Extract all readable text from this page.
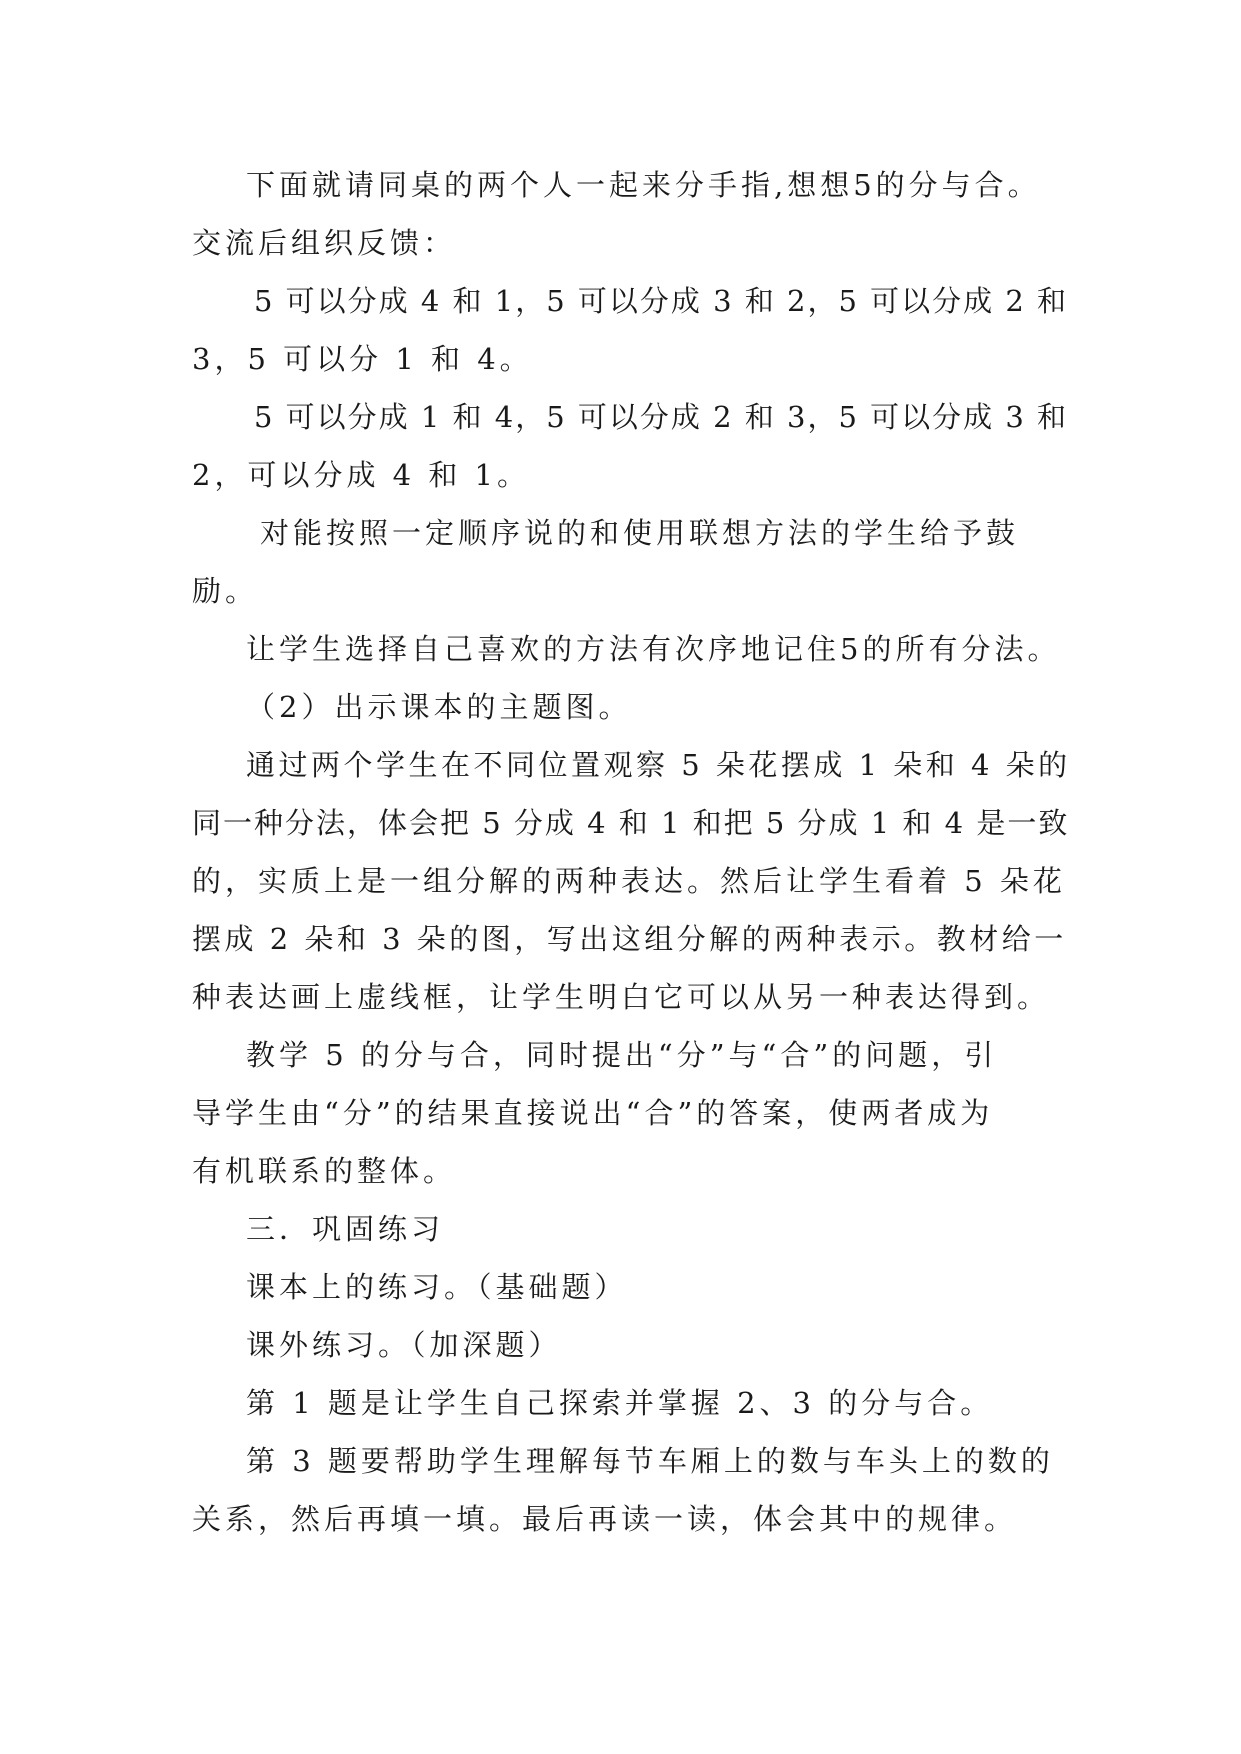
下面就请同桌的两个人一起来分手指,想想5的分与合。
交流后组织反馈：
5 可以分成 4 和 1，5 可以分成 3 和 2，5 可以分成 2 和
3，5 可以分 1 和 4。
5 可以分成 1 和 4，5 可以分成 2 和 3，5 可以分成 3 和
2，可以分成 4 和 1。
对能按照一定顺序说的和使用联想方法的学生给予鼓
励。
让学生选择自己喜欢的方法有次序地记住5的所有分法。
（2）出示课本的主题图。
通过两个学生在不同位置观察 5 朵花摆成 1 朵和 4 朵的
同一种分法，体会把 5 分成 4 和 1 和把 5 分成 1 和 4 是一致
的，实质上是一组分解的两种表达。然后让学生看着 5 朵花
摆成 2 朵和 3 朵的图，写出这组分解的两种表示。教材给一
种表达画上虚线框，让学生明白它可以从另一种表达得到。
教学 5 的分与合，同时提出“分”与“合”的问题，引
导学生由“分”的结果直接说出“合”的答案，使两者成为
有机联系的整体。
三．巩固练习
课本上的练习。（基础题）
课外练习。（加深题）
第 1 题是让学生自己探索并掌握 2、3 的分与合。
第 3 题要帮助学生理解每节车厢上的数与车头上的数的
关系，然后再填一填。最后再读一读，体会其中的规律。
